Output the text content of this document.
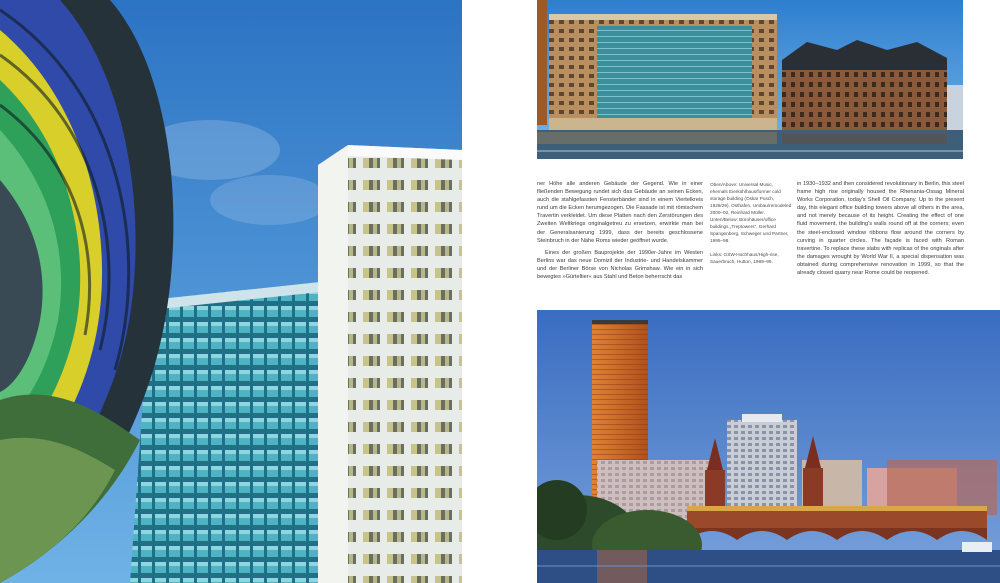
ner Höhe alle anderen Gebäude der Gegend. Wie in einer fließenden Bewegung rundet sich das Gebäude an seinen Ecken, auch die stahlgefassten Fensterbänder sind in einem Viertelkreis rund um die Ecken herumgezogen. Die Fassade ist mit römischem Travertin verkleidet. Um diese Platten nach den Zerstörungen des Zweiten Weltkriegs originalgetreu zu ersetzen, erwirkte man bei der Generalsanierung 1999, dass der bereits geschlossene Steinbruch in der Nähe Roms wieder geöffnet wurde.

Eines der großen Bauprojekte der 1990er-Jahre im Westen Berlins war das neue Domizil der Industrie- und Handelskammer und der Berliner Börse von Nicholas Grimshaw. Wie ein in sich bewegtes »Gürteltier« aus Stahl und Beton beherrscht das

Oben/Above: Universal Music, ehemals Eierkühlhaus/former cold storage building (Oskar Pusch, 1928/29). Osthafen, Umbau/remodeled 2000–02, Reinhard Müller. Unten/Below: Bürohäuser/office buildings „Treptowers“, Gerhard Spangenberg, Schweger und Partner, 1995–98.

Links: GSW-Hochhaus/High-rise, Sauerbruch, Hutton, 1989–99.

in 1930–1932 and then considered revolutionary in Berlin, this steel frame high rise originally housed the Rhenania-Ossag Mineral Works Corporation, today's Shell Oil Company. Up to the present day, this elegant office building towers above all others in the area, and not merely because of its height. Creating the effect of one fluid movement, the building's walls round off at the corners; even the steel-enclosed window ribbons flow around the corners by curving in quarter circles. The façade is faced with Roman travertine. To replace these slabs with replicas of the originals after the damages wrought by World War II, a special dispensation was obtained during comprehensive renovation in 1999, so that the already closed quarry near Rome could be reopened.
